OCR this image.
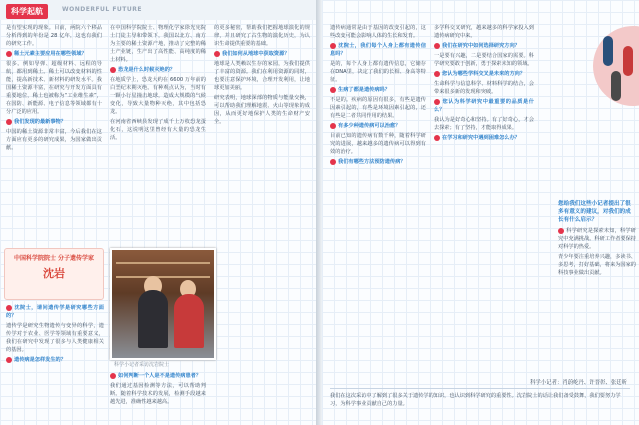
科学起航	WONDERFUL FUTURE

是有望实现的现象。目前，两院六个移品分析得到的年份是 28 亿年，这也有我们的研究工作。

稀土元素主要应用在哪些领域？

很多。例如导弹、超级材料、远程的导航，都用到稀土。稀土可以改变材料的性能，提高新技术、新材料的研发水平。我国稀土资源丰富，在研究与开发方面具有重要地位，稀土也被称为“工业维生素”，在国防、新能源、电子信息等领域都有十分广泛的应用。

我们发现的最新事物？

中国的稀土资源非常丰富，今后我们在这方面应有更多的研究成果，为国家做出贡献。

在中国科学院院士、物理化学家徐光宪院士门徒主导和带领下，我国以北方、南方为主要的稀土资源产地，推动了完整的稀土产业链，生产出了高性能、高纯度的稀土材料。

恐龙是什么时候灭绝的？

在地质学上，恐龙大约在 6600 万年前的白垩纪末期灭绝。有种观点认为，当时有一颗小行星撞击地球，造成大规模的气候变化，导致大量物种灭绝，其中包括恐龙。

在河南省西峡县发现了成千上万枚恐龙蛋化石，这说明这里曾经有大量的恐龙生活。

的更多秘密，帮助我们把握地球演化的规律，并且研究了古生物的演化历史，为认识生命提供重要的基础。

我们如何从地球中获取资源？

地球是人类赖以生存的家园，为我们提供了丰富的资源。我们在利用资源的同时，也要注意保护环境，合理开发利用，让地球更加美丽。

研究表明，地球深部的物质与能量交换，可以帮助我们理解地震、火山等现象的成因，从而更好地保护人类的生命财产安全。

中国科学院院士 分子遗传学家
沈岩

沈院士，请问遗传学是研究哪些方面的？

遗传学是研究生物遗传与变异的科学，遗传学对于农业、医学等领域有重要意义，我们在研究中发现了很多与人类健康相关的基因。

遗传病是怎样发生的？

科学小记者采访沈岩院士

如何判断一个人是不是遗传病患者？

我们通过基因检测等方法，可以帮助判断。随着科学技术的发展，检测手段越来越先进，准确性越来越高。

遗传病通常是由于基因的改变引起的，这些改变可能会影响人体的生长和发育。

沈院士，我们每个人身上都有遗传信息吗？

是的，每个人身上都有遗传信息，它储存在DNA里，决定了我们的长相、身高等特征。

生病了都是遗传病吗？

不是的。疾病的原因有很多，有些是遗传因素引起的，有些是环境因素引起的，还有些是二者共同作用的结果。

有多少种遗传病可以治愈？

目前已知的遗传病有数千种，随着科学研究的进展，越来越多的遗传病可以得到有效的治疗。

我们有哪些方法预防遗传病？

多学科交叉研究，越来越多的科学家投入到遗传病研究中来。

我们在研究中如何选择研究方向？

一是要有兴趣，二是要结合国家的需要。科学研究要敢于创新，勇于探索未知的领域。

您认为哪些学科交叉是未来的方向？

生命科学与信息科学、材料科学的结合，会带来很多新的发现和突破。

您认为科学研究中最重要的品质是什么？

我认为是好奇心和坚持。有了好奇心，才会去探索；有了坚持，才能取得成果。

在学习和研究中遇到困难怎么办？

您给我们这些小记者提出了很多有意义的建议，对我们的成长有什么启示？

科学研究是探索未知，科学研究中充满挑战。科研工作者要保持对科学的热爱。

青少年要注重培养兴趣，多读书、多思考，打好基础，将来为国家的科技事业做出贡献。

科学小记者：肖蔚屹丹、许晋彰、张廷昕
我们在这次采访中了解到了很多关于遗传学的知识，也认识到科学研究的重要性。沈岩院士的话让我们备受鼓舞，我们要努力学习，为科学事业贡献自己的力量。
